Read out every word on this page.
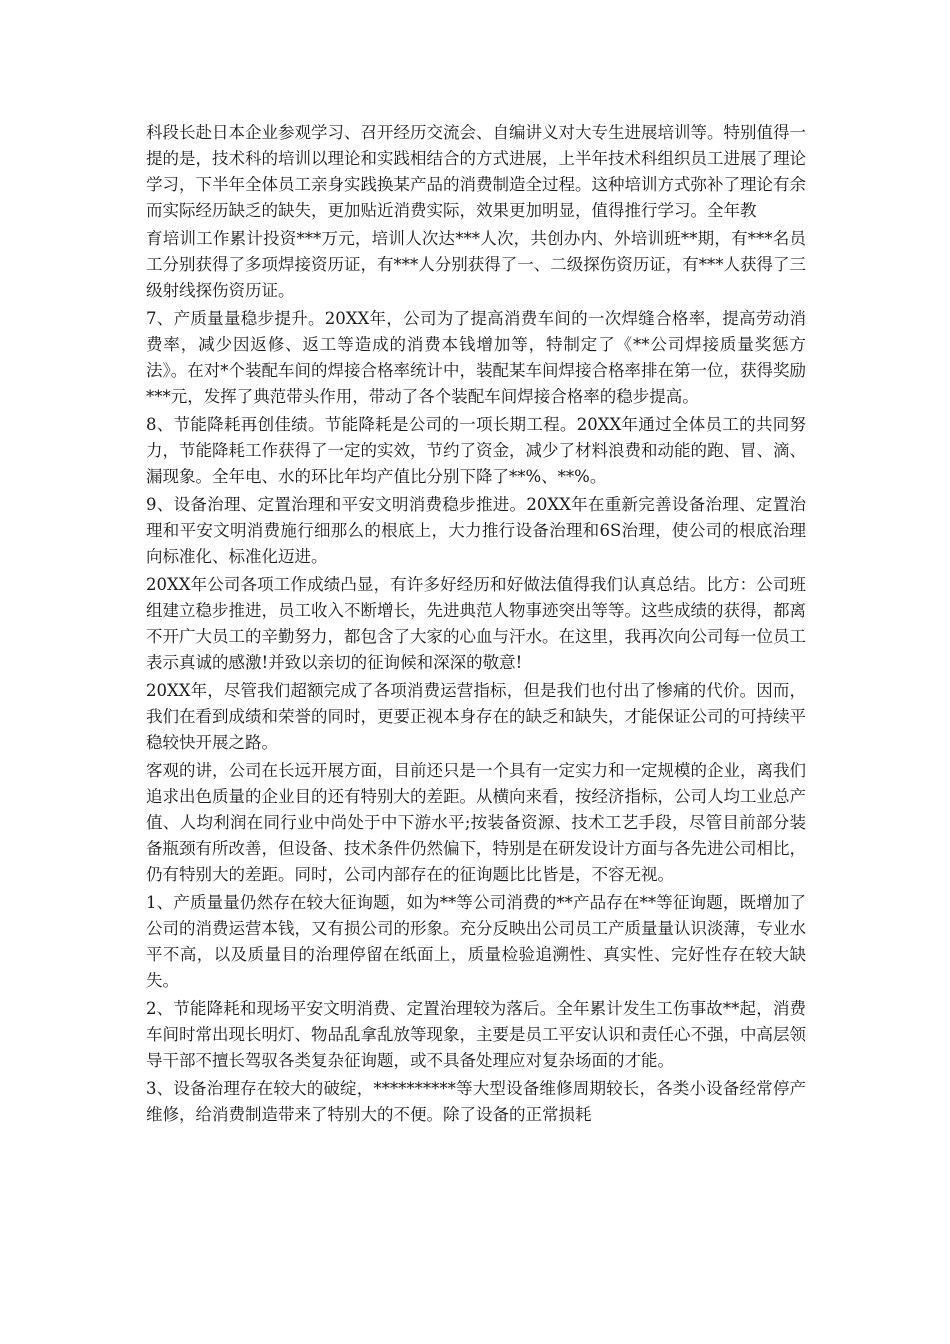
科段长赴日本企业参观学习、召开经历交流会、自编讲义对大专生进展培训等。特别值得一提的是，技术科的培训以理论和实践相结合的方式进展，上半年技术科组织员工进展了理论学习，下半年全体员工亲身实践换某产品的消费制造全过程。这种培训方式弥补了理论有余而实际经历缺乏的缺失，更加贴近消费实际，效果更加明显，值得推行学习。全年教

育培训工作累计投资***万元，培训人次达***人次，共创办内、外培训班**期，有***名员工分别获得了多项焊接资历证，有***人分别获得了一、二级探伤资历证，有***人获得了三级射线探伤资历证。

7、产质量量稳步提升。20XX年，公司为了提高消费车间的一次焊缝合格率，提高劳动消费率，减少因返修、返工等造成的消费本钱增加等，特制定了《**公司焊接质量奖惩方法》。在对*个装配车间的焊接合格率统计中，装配某车间焊接合格率排在第一位，获得奖励***元，发挥了典范带头作用，带动了各个装配车间焊接合格率的稳步提高。

8、节能降耗再创佳绩。节能降耗是公司的一项长期工程。20XX年通过全体员工的共同努力，节能降耗工作获得了一定的实效，节约了资金，减少了材料浪费和动能的跑、冒、滴、漏现象。全年电、水的环比年均产值比分别下降了**%、**%。

9、设备治理、定置治理和平安文明消费稳步推进。20XX年在重新完善设备治理、定置治理和平安文明消费施行细那么的根底上，大力推行设备治理和6S治理，使公司的根底治理向标准化、标准化迈进。

20XX年公司各项工作成绩凸显，有许多好经历和好做法值得我们认真总结。比方：公司班组建立稳步推进，员工收入不断增长，先进典范人物事迹突出等等。这些成绩的获得，都离不开广大员工的辛勤努力，都包含了大家的心血与汗水。在这里，我再次向公司每一位员工表示真诚的感激!并致以亲切的征询候和深深的敬意!

20XX年，尽管我们超额完成了各项消费运营指标，但是我们也付出了惨痛的代价。因而，我们在看到成绩和荣誉的同时，更要正视本身存在的缺乏和缺失，才能保证公司的可持续平稳较快开展之路。

客观的讲，公司在长远开展方面，目前还只是一个具有一定实力和一定规模的企业，离我们追求出色质量的企业目的还有特别大的差距。从横向来看，按经济指标，公司人均工业总产值、人均利润在同行业中尚处于中下游水平;按装备资源、技术工艺手段，尽管目前部分装备瓶颈有所改善，但设备、技术条件仍然偏下，特别是在研发设计方面与各先进公司相比，仍有特别大的差距。同时，公司内部存在的征询题比比皆是，不容无视。

1、产质量量仍然存在较大征询题，如为**等公司消费的**产品存在**等征询题，既增加了公司的消费运营本钱，又有损公司的形象。充分反映出公司员工产质量量认识淡薄，专业水平不高，以及质量目的治理停留在纸面上，质量检验追溯性、真实性、完好性存在较大缺失。

2、节能降耗和现场平安文明消费、定置治理较为落后。全年累计发生工伤事故**起，消费车间时常出现长明灯、物品乱拿乱放等现象，主要是员工平安认识和责任心不强，中高层领导干部不擅长驾驭各类复杂征询题，或不具备处理应对复杂场面的才能。

3、设备治理存在较大的破绽，**********等大型设备维修周期较长，各类小设备经常停产维修，给消费制造带来了特别大的不便。除了设备的正常损耗
